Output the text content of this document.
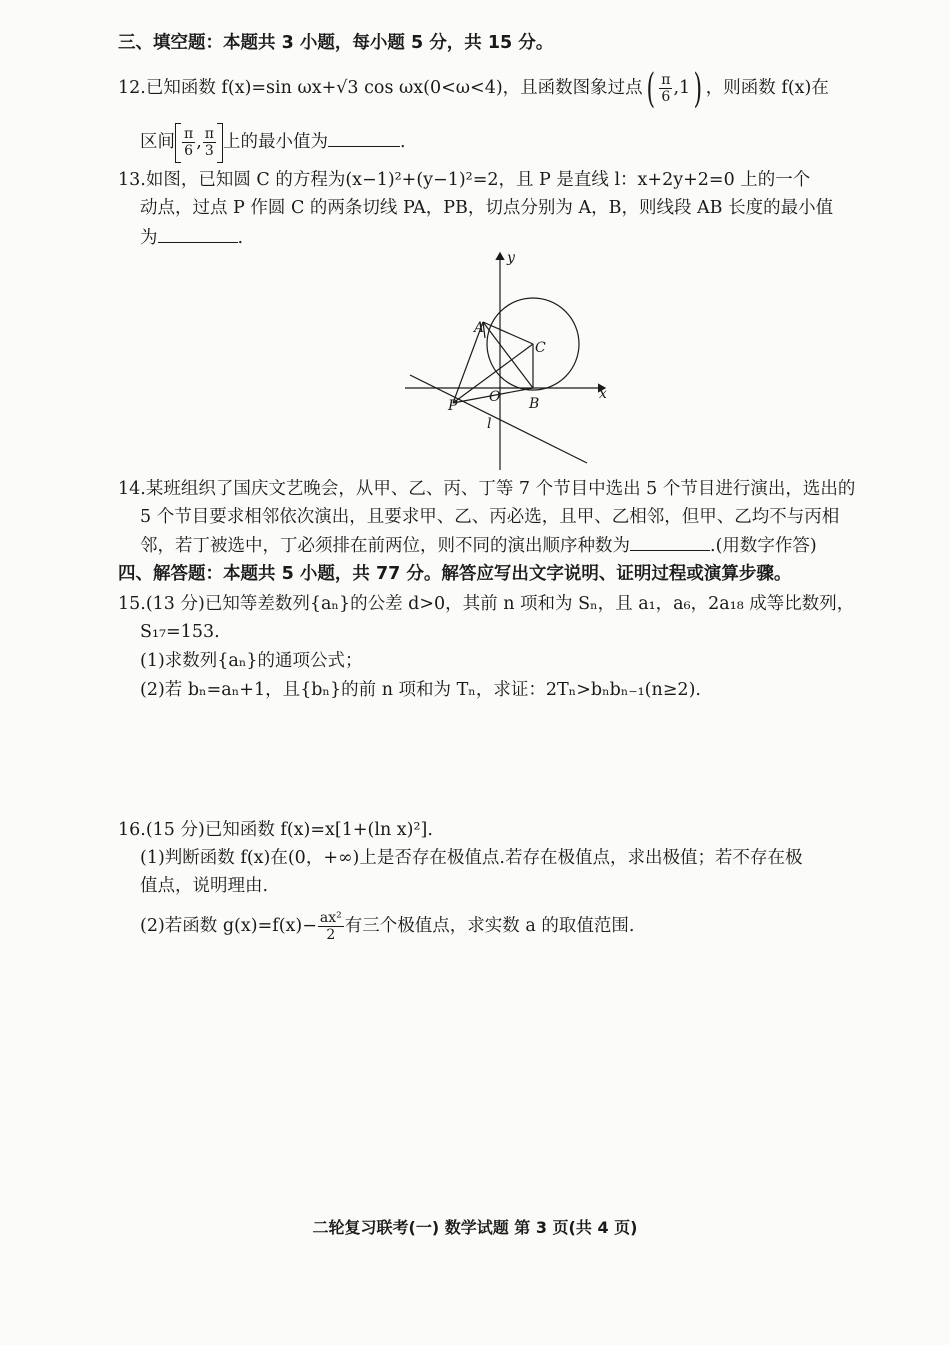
三、填空题：本题共 3 小题，每小题 5 分，共 15 分。
12.已知函数 f(x)=sin ωx+√3 cos ωx(0<ω<4)，且函数图象过点( $\frac{\pi}{6} ,1$) ，则函数 f(x)在
区间 $\frac{\pi}{6}$ , $\frac{\pi}{3}$ 上的最小值为	.
13.如图，已知圆 C 的方程为(x−1)²+(y−1)²=2，且 P 是直线 l：x+2y+2=0 上的一个
动点，过点 P 作圆 C 的两条切线 PA，PB，切点分别为 A，B，则线段 AB 长度的最小值
为	.
y
x
A
B
C
O
P
l
14.某班组织了国庆文艺晚会，从甲、乙、丙、丁等 7 个节目中选出 5 个节目进行演出，选出的
5 个节目要求相邻依次演出，且要求甲、乙、丙必选，且甲、乙相邻，但甲、乙均不与丙相
邻，若丁被选中，丁必须排在前两位，则不同的演出顺序种数为	.(用数字作答)
四、解答题：本题共 5 小题，共 77 分。解答应写出文字说明、证明过程或演算步骤。
15.(13 分)已知等差数列{aₙ}的公差 d>0，其前 n 项和为 Sₙ，且 a₁，a₆，2a₁₈ 成等比数列，
S₁₇=153.
(1)求数列{aₙ}的通项公式；
(2)若 bₙ=aₙ+1，且{bₙ}的前 n 项和为 Tₙ，求证：2Tₙ>bₙbₙ₋₁(n≥2).
16.(15 分)已知函数 f(x)=x[1+(ln x)²].
(1)判断函数 f(x)在(0，+∞)上是否存在极值点.若存在极值点，求出极值；若不存在极
值点，说明理由.
(2)若函数 $g(x)=f(x)- \frac{\text{ax²}}{2}$ 有三个极值点，求实数 a 的取值范围.
二轮复习联考(一) 数学试题 第 3 页(共 4 页)
